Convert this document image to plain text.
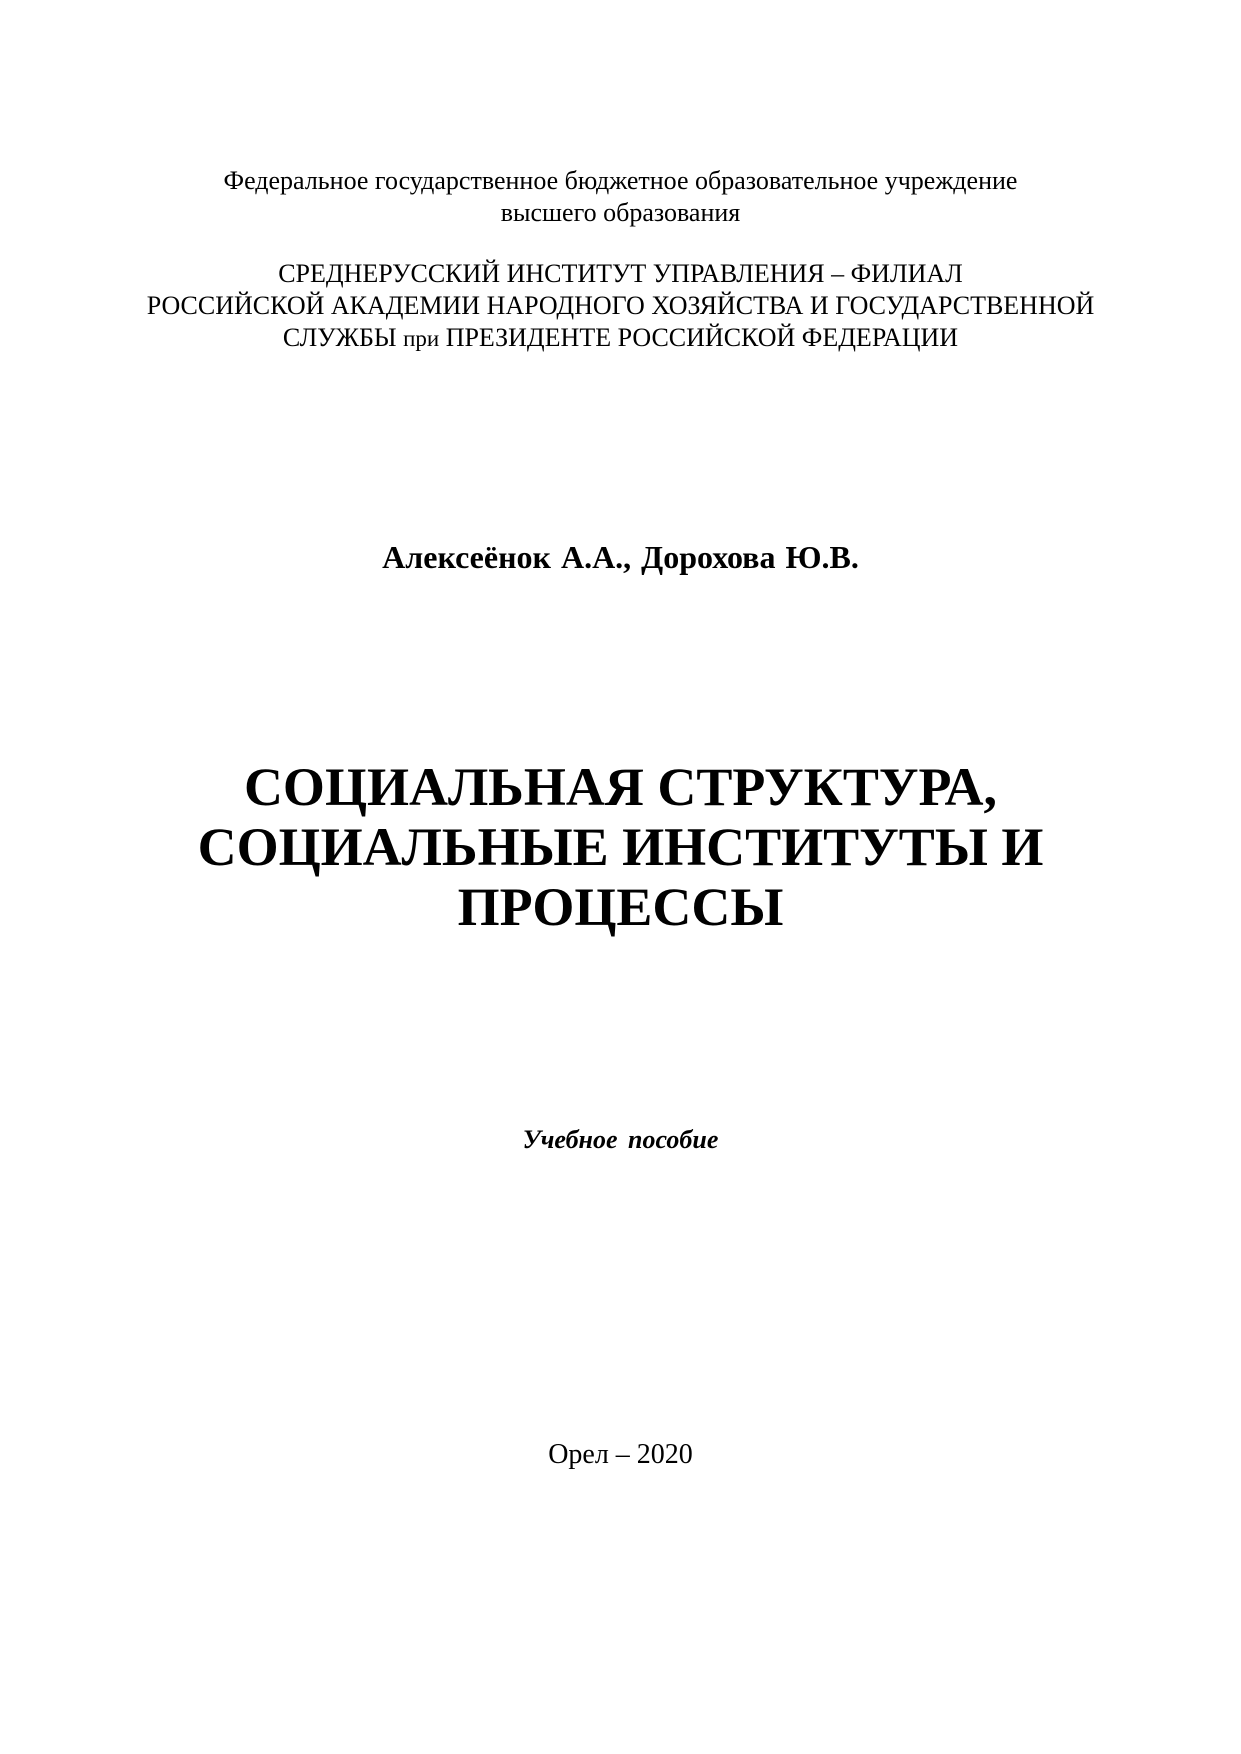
Федеральное государственное бюджетное образовательное учреждение
высшего образования
СРЕДНЕРУССКИЙ ИНСТИТУТ УПРАВЛЕНИЯ – ФИЛИАЛ
РОССИЙСКОЙ АКАДЕМИИ НАРОДНОГО ХОЗЯЙСТВА И ГОСУДАРСТВЕННОЙ
СЛУЖБЫ при ПРЕЗИДЕНТЕ РОССИЙСКОЙ ФЕДЕРАЦИИ
Алексеёнок А.А., Дорохова Ю.В.
СОЦИАЛЬНАЯ СТРУКТУРА,
СОЦИАЛЬНЫЕ ИНСТИТУТЫ И
ПРОЦЕССЫ
Учебное пособие
Орел – 2020
